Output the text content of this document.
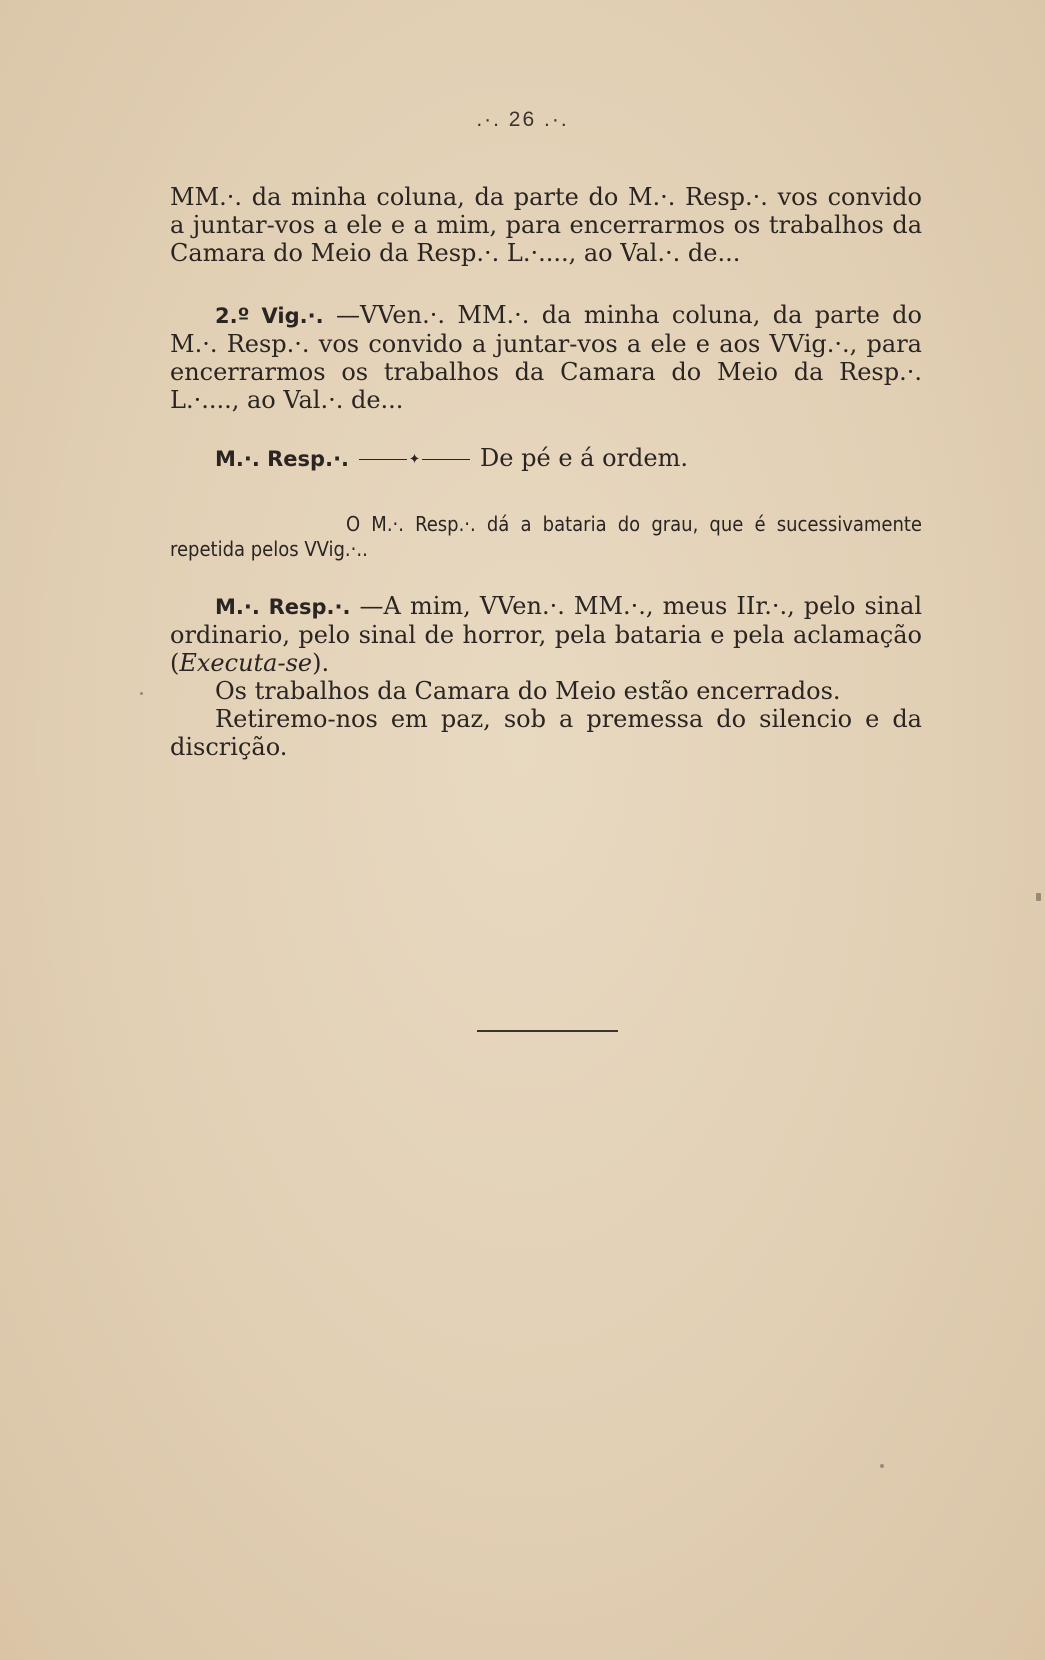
.·. 26 .·.

MM.·. da minha coluna, da parte do M.·. Resp.·. vos convido a juntar-vos a ele e a mim, para encerrarmos os trabalhos da Camara do Meio da Resp.·. L.·...., ao Val.·. de...

2.º Vig.·. —VVen.·. MM.·. da minha coluna, da parte do M.·. Resp.·. vos convido a juntar-vos a ele e aos VVig.·., para encerrarmos os trabalhos da Camara do Meio da Resp.·. L.·...., ao Val.·. de...

M.·. Resp.·.	✦ De pé e á ordem.

O M.·. Resp.·. dá a bataria do grau, que é sucessivamente repetida pelos VVig.·..

M.·. Resp.·. —A mim, VVen.·. MM.·., meus IIr.·., pelo sinal ordinario, pelo sinal de horror, pela bataria e pela aclamação (Executa-se).

Os trabalhos da Camara do Meio estão encerrados.

Retiremo-nos em paz, sob a premessa do silencio e da discrição.
